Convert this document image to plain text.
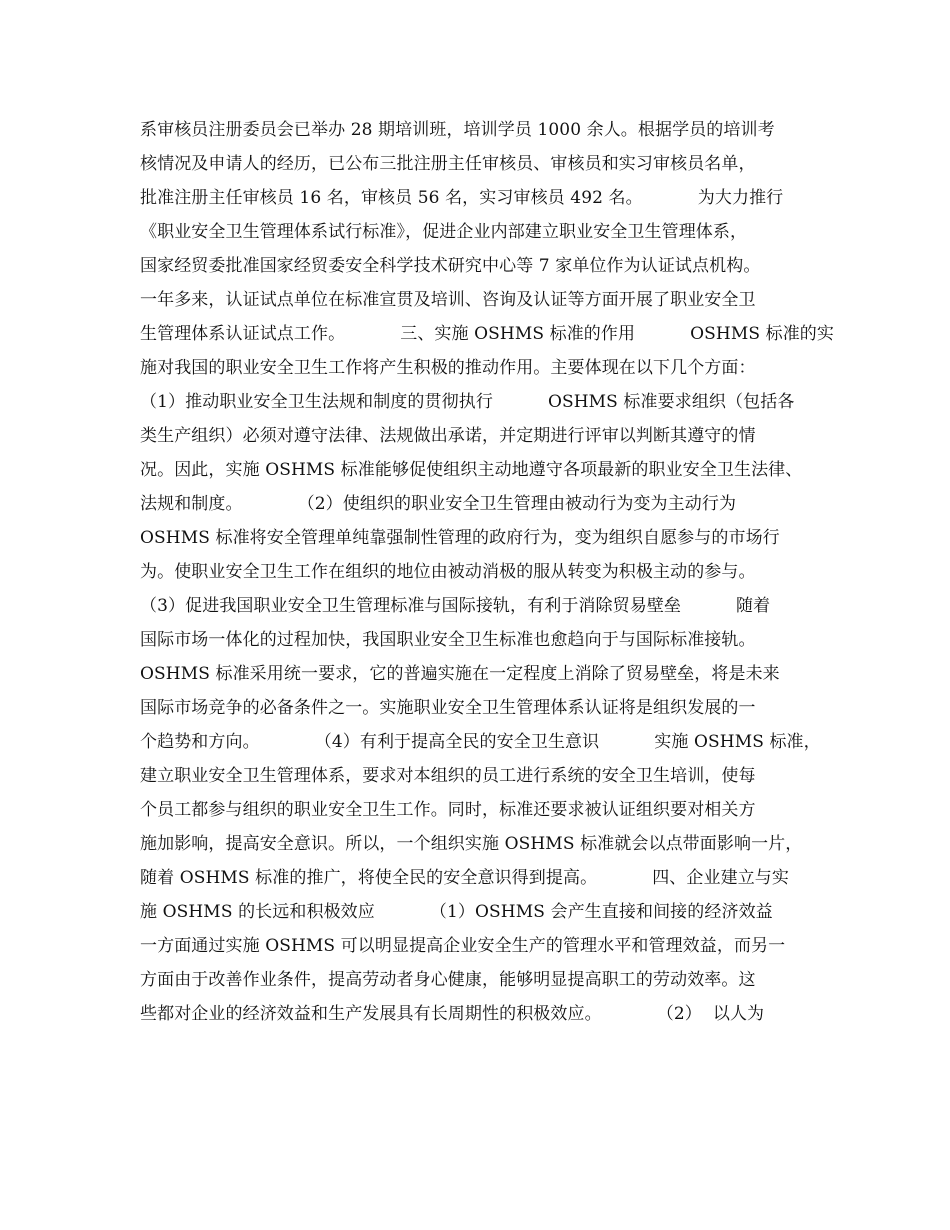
系审核员注册委员会已举办 28 期培训班，培训学员 1000 余人。根据学员的培训考
核情况及申请人的经历，已公布三批注册主任审核员、审核员和实习审核员名单，
批准注册主任审核员 16 名，审核员 56 名，实习审核员 492 名。          为大力推行
《职业安全卫生管理体系试行标准》，促进企业内部建立职业安全卫生管理体系，
国家经贸委批准国家经贸委安全科学技术研究中心等 7 家单位作为认证试点机构。
一年多来，认证试点单位在标准宣贯及培训、咨询及认证等方面开展了职业安全卫
生管理体系认证试点工作。          三、实施 OSHMS 标准的作用          OSHMS 标准的实
施对我国的职业安全卫生工作将产生积极的推动作用。主要体现在以下几个方面：
（1）推动职业安全卫生法规和制度的贯彻执行          OSHMS 标准要求组织（包括各
类生产组织）必须对遵守法律、法规做出承诺，并定期进行评审以判断其遵守的情
况。因此，实施 OSHMS 标准能够促使组织主动地遵守各项最新的职业安全卫生法律、
法规和制度。          （2）使组织的职业安全卫生管理由被动行为变为主动行为
OSHMS 标准将安全管理单纯靠强制性管理的政府行为，变为组织自愿参与的市场行
为。使职业安全卫生工作在组织的地位由被动消极的服从转变为积极主动的参与。
（3）促进我国职业安全卫生管理标准与国际接轨，有利于消除贸易壁垒          随着
国际市场一体化的过程加快，我国职业安全卫生标准也愈趋向于与国际标准接轨。
OSHMS 标准采用统一要求，它的普遍实施在一定程度上消除了贸易壁垒，将是未来
国际市场竞争的必备条件之一。实施职业安全卫生管理体系认证将是组织发展的一
个趋势和方向。          （4）有利于提高全民的安全卫生意识          实施 OSHMS 标准，
建立职业安全卫生管理体系，要求对本组织的员工进行系统的安全卫生培训，使每
个员工都参与组织的职业安全卫生工作。同时，标准还要求被认证组织要对相关方
施加影响，提高安全意识。所以，一个组织实施 OSHMS 标准就会以点带面影响一片，
随着 OSHMS 标准的推广，将使全民的安全意识得到提高。          四、企业建立与实
施 OSHMS 的长远和积极效应          （1）OSHMS 会产生直接和间接的经济效益
一方面通过实施 OSHMS 可以明显提高企业安全生产的管理水平和管理效益，而另一
方面由于改善作业条件，提高劳动者身心健康，能够明显提高职工的劳动效率。这
些都对企业的经济效益和生产发展具有长周期性的积极效应。          （2）  以人为
